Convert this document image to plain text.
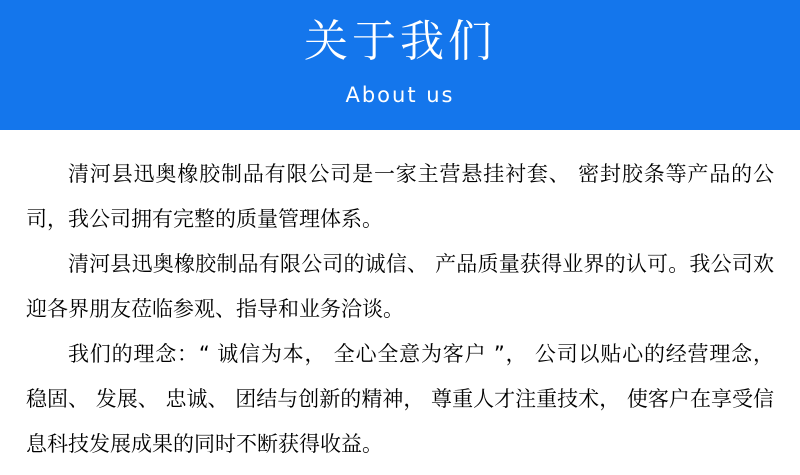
关于我们
About us

清河县迅奥橡胶制品有限公司是一家主营悬挂衬套、 密封胶条等产品的公司，我公司拥有完整的质量管理体系。

清河县迅奥橡胶制品有限公司的诚信、 产品质量获得业界的认可。我公司欢迎各界朋友莅临参观、指导和业务洽谈。

我们的理念：“ 诚信为本， 全心全意为客户 ”， 公司以贴心的经营理念， 稳固、 发展、 忠诚、 团结与创新的精神， 尊重人才注重技术， 使客户在享受信息科技发展成果的同时不断获得收益。
